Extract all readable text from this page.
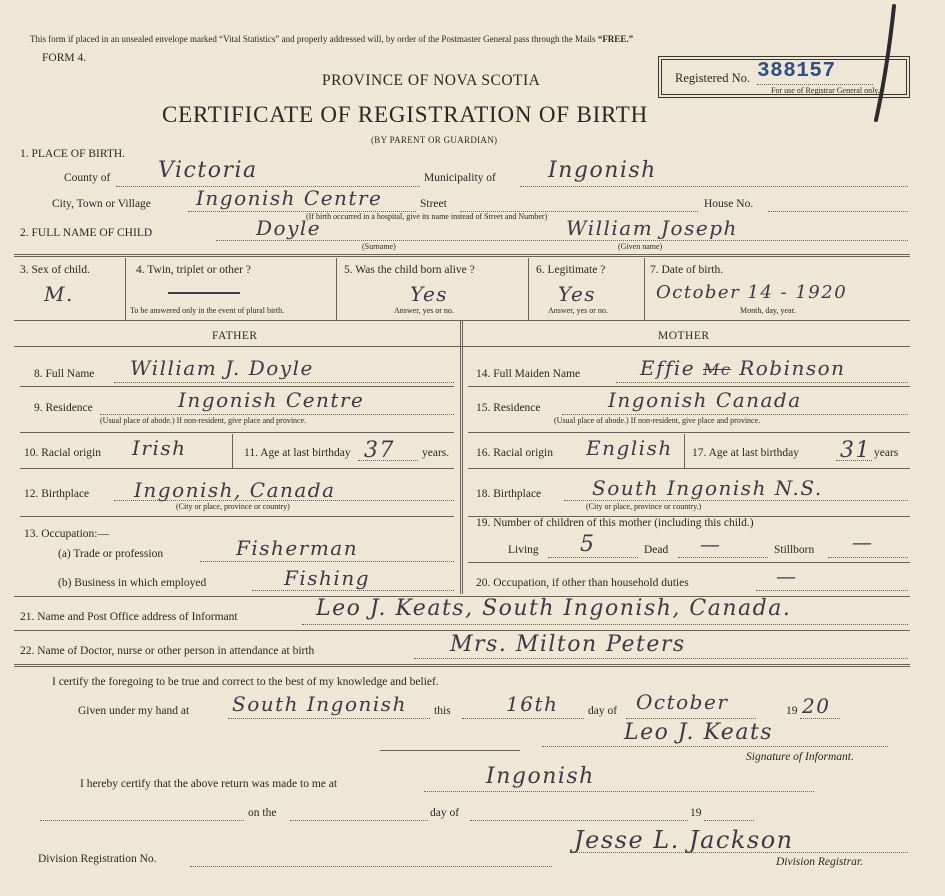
This form if placed in an unsealed envelope marked “Vital Statistics” and properly addressed will, by order of the Postmaster General pass through the Mails “FREE.”
FORM 4.
Registered No. 388157
For use of Registrar General only.
PROVINCE OF NOVA SCOTIA
CERTIFICATE OF REGISTRATION OF BIRTH
(BY PARENT OR GUARDIAN)
1. PLACE OF BIRTH.
County of Victoria	Municipality of Ingonish
City, Town or Village Ingonish Centre	Street	House No.
(If birth occurred in a hospital, give its name instead of Street and Number)
2. FULL NAME OF CHILD	Doyle
(Surname)
William Joseph
(Given name)
3. Sex of child.
M.
4. Twin, triplet or other ?
To be answered only in the event of plural birth.
5. Was the child born alive ?
Yes
Answer, yes or no.
6. Legitimate ?
Yes
Answer, yes or no.
7. Date of birth.
October 14 - 1920
Month, day, year.
FATHER	MOTHER
8. Full Name William J. Doyle
9. Residence	Ingonish Centre
(Usual place of abode.) If non-resident, give place and province.
10. Racial origin Irish	11. Age at last birthday 37 years.
12. Birthplace Ingonish, Canada
(City or place, province or country)
13. Occupation:—
(a) Trade or profession	Fisherman
(b) Business in which employed	Fishing
14. Full Maiden Name	Effie Mc Robinson
15. Residence	Ingonish Canada
(Usual place of abode.) If non-resident, give place and province.
16. Racial origin English 17. Age at last birthday 31 years
18. Birthplace	South Ingonish N.S.
(City or place, province or country.)
19. Number of children of this mother (including this child.)
Living 5	Dead —	Stillborn —
20. Occupation, if other than household duties	—
21. Name and Post Office address of Informant	Leo J. Keats, South Ingonish, Canada.
22. Name of Doctor, nurse or other person in attendance at birth	Mrs. Milton Peters
I certify the foregoing to be true and correct to the best of my knowledge and belief.
Given under my hand at South Ingonish this	16th	day of October	19 20
Leo J. Keats
Signature of Informant.
I hereby certify that the above return was made to me at	Ingonish
on the	day of	19
Division Registration No.
Jesse L. Jackson
Division Registrar.
